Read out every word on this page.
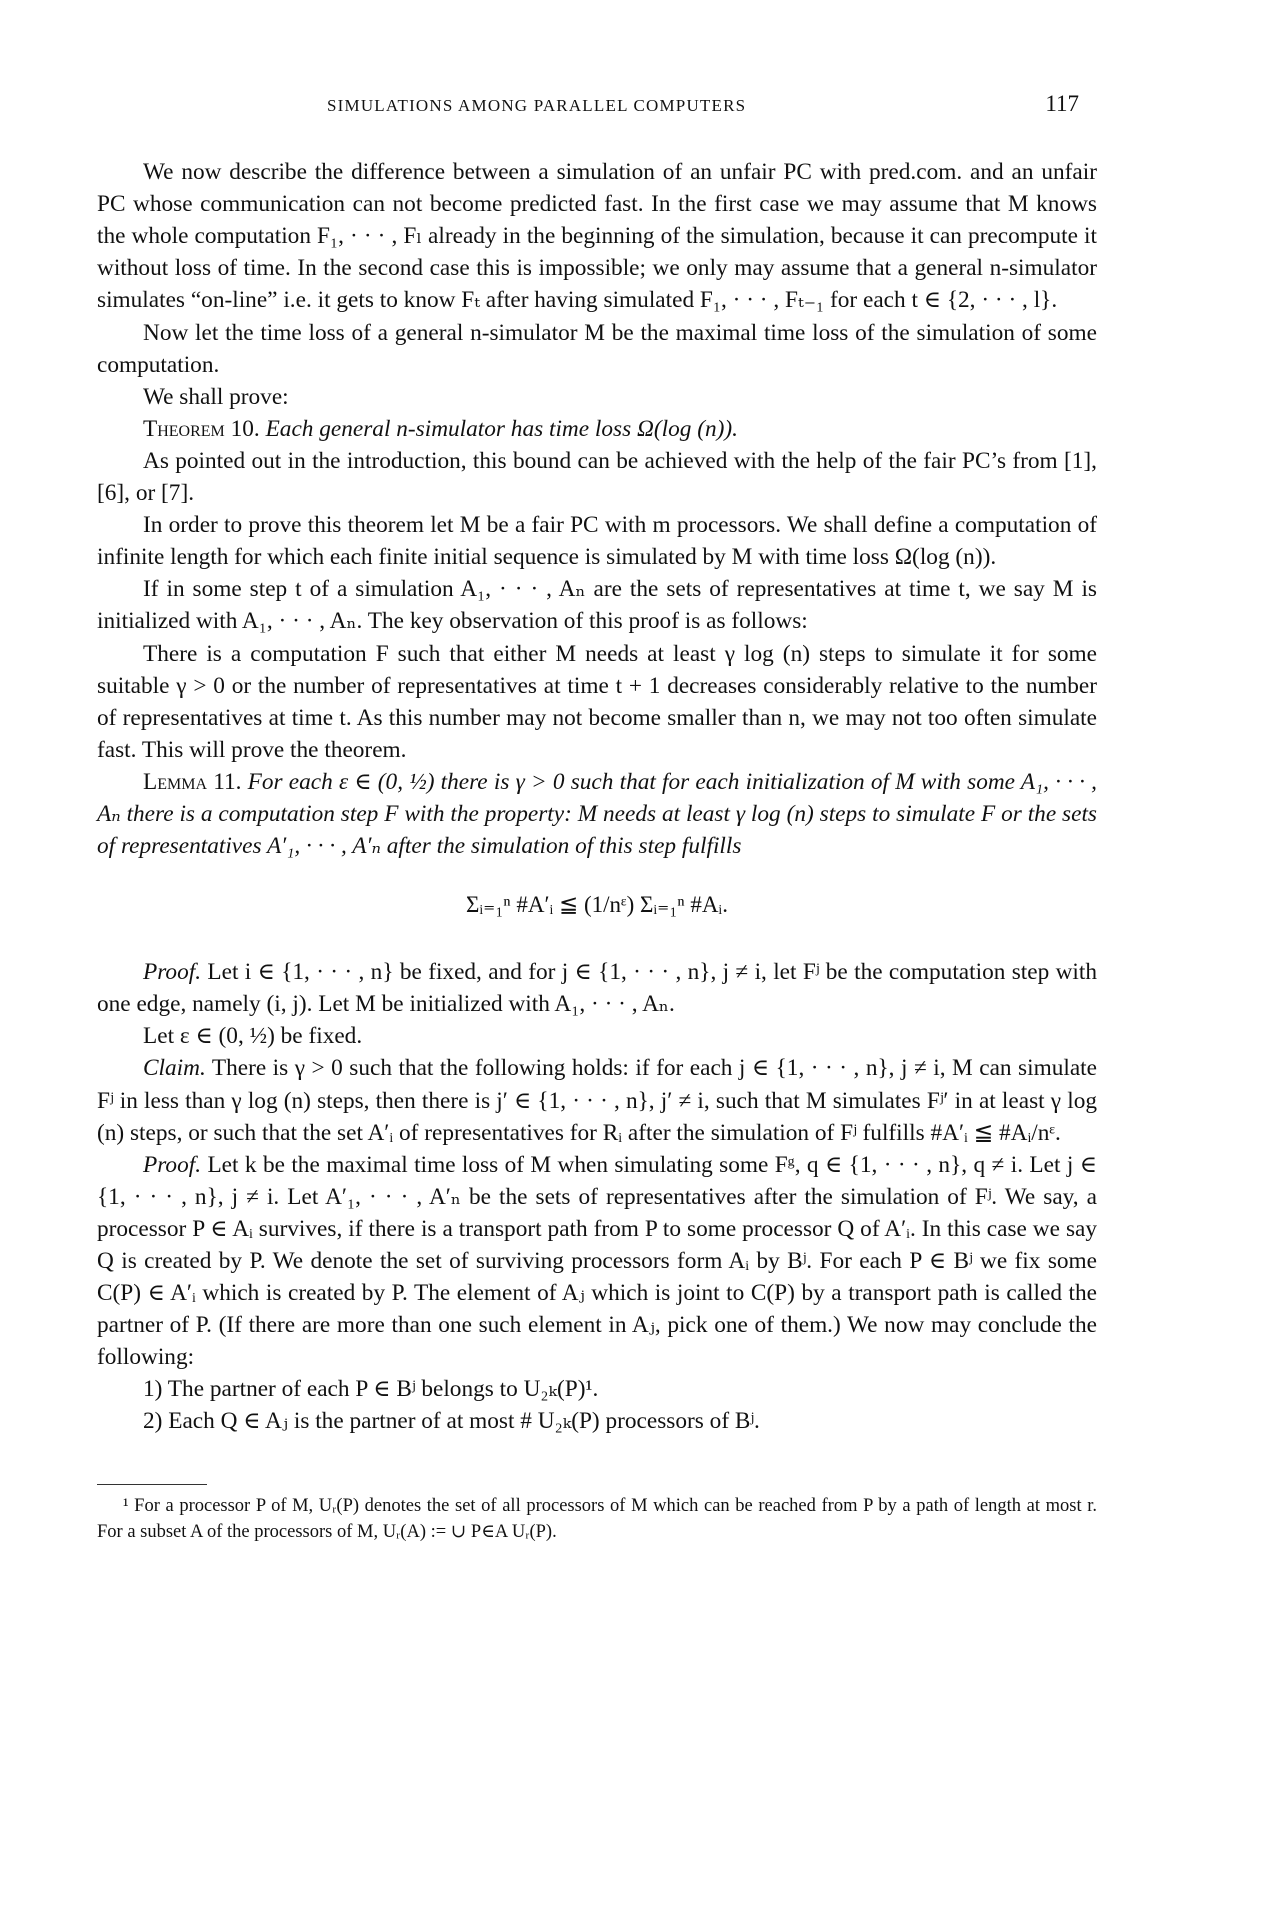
SIMULATIONS AMONG PARALLEL COMPUTERS	117

We now describe the difference between a simulation of an unfair PC with pred.com. and an unfair PC whose communication can not become predicted fast. In the first case we may assume that M knows the whole computation F₁, · · · , Fₗ already in the beginning of the simulation, because it can precompute it without loss of time. In the second case this is impossible; we only may assume that a general n-simulator simulates “on-line” i.e. it gets to know Fₜ after having simulated F₁, · · · , Fₜ₋₁ for each t ∈ {2, · · · , l}.

Now let the time loss of a general n-simulator M be the maximal time loss of the simulation of some computation.

We shall prove:

Theorem 10. Each general n-simulator has time loss Ω(log (n)).

As pointed out in the introduction, this bound can be achieved with the help of the fair PC’s from [1], [6], or [7].

In order to prove this theorem let M be a fair PC with m processors. We shall define a computation of infinite length for which each finite initial sequence is simulated by M with time loss Ω(log (n)).

If in some step t of a simulation A₁, · · · , Aₙ are the sets of representatives at time t, we say M is initialized with A₁, · · · , Aₙ. The key observation of this proof is as follows:

There is a computation F such that either M needs at least γ log (n) steps to simulate it for some suitable γ > 0 or the number of representatives at time t + 1 decreases considerably relative to the number of representatives at time t. As this number may not become smaller than n, we may not too often simulate fast. This will prove the theorem.

Lemma 11. For each ε ∈ (0, ½) there is γ > 0 such that for each initialization of M with some A₁, · · · , Aₙ there is a computation step F with the property: M needs at least γ log (n) steps to simulate F or the sets of representatives A′₁, · · · , A′ₙ after the simulation of this step fulfills

Σᵢ₌₁ⁿ #A′ᵢ ≦ (1/nᵋ) Σᵢ₌₁ⁿ #Aᵢ.

Proof. Let i ∈ {1, · · · , n} be fixed, and for j ∈ {1, · · · , n}, j ≠ i, let Fʲ be the computation step with one edge, namely (i, j). Let M be initialized with A₁, · · · , Aₙ.

Let ε ∈ (0, ½) be fixed.

Claim. There is γ > 0 such that the following holds: if for each j ∈ {1, · · · , n}, j ≠ i, M can simulate Fʲ in less than γ log (n) steps, then there is j′ ∈ {1, · · · , n}, j′ ≠ i, such that M simulates Fʲ′ in at least γ log (n) steps, or such that the set A′ᵢ of representatives for Rᵢ after the simulation of Fʲ fulfills #A′ᵢ ≦ #Aᵢ/nᵋ.

Proof. Let k be the maximal time loss of M when simulating some Fᵍ, q ∈ {1, · · · , n}, q ≠ i. Let j ∈ {1, · · · , n}, j ≠ i. Let A′₁, · · · , A′ₙ be the sets of representatives after the simulation of Fʲ. We say, a processor P ∈ Aᵢ survives, if there is a transport path from P to some processor Q of A′ᵢ. In this case we say Q is created by P. We denote the set of surviving processors form Aᵢ by Bʲ. For each P ∈ Bʲ we fix some C(P) ∈ A′ᵢ which is created by P. The element of Aⱼ which is joint to C(P) by a transport path is called the partner of P. (If there are more than one such element in Aⱼ, pick one of them.) We now may conclude the following:

1) The partner of each P ∈ Bʲ belongs to U₂ₖ(P)¹.

2) Each Q ∈ Aⱼ is the partner of at most # U₂ₖ(P) processors of Bʲ.

¹ For a processor P of M, Uᵣ(P) denotes the set of all processors of M which can be reached from P by a path of length at most r. For a subset A of the processors of M, Uᵣ(A) := ∪ P∈A Uᵣ(P).
